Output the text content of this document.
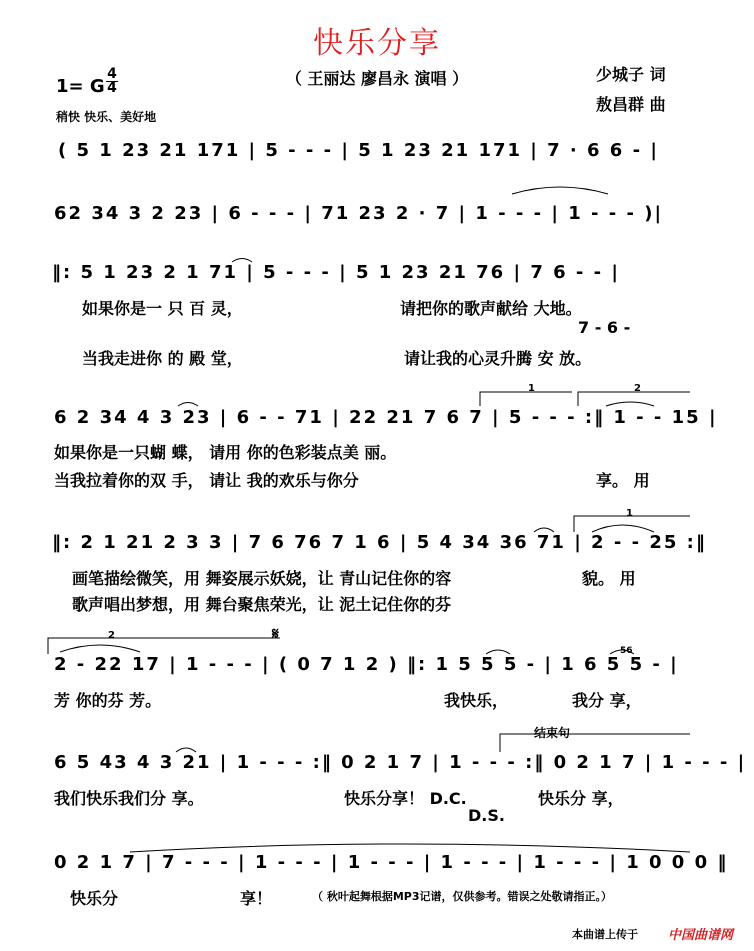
快乐分享
（ 王丽达 廖昌永 演唱 ）	少城子 词
敖昌群 曲
1= G
4
4
稍快 快乐、美好地
( 5 1 23 21 171 | 5 - - - | 5 1 23 21 171 | 7 · 6 6 - |
62 34 3 2 23 | 6 - - - | 71 23 2 · 7 | 1 - - - | 1 - - - )|
‖: 5 1 23 2 1 71 | 5 - - - | 5 1 23 21 76 | 7 6 - - |
如果你是一 只 百 灵，	请把你的歌声献给 大地。
7 - 6 -
当我走进你 的 殿 堂，	请让我的心灵升腾 安 放。
6 2 34 4 3 23 | 6 - - 71 | 22 21 7 6 7 | 5 - - - :‖ 1 - - 15 |
如果你是一只蝴 蝶， 请用 你的色彩装点美 丽。
当我拉着你的双 手， 请让 我的欢乐与你分	享。 用
‖: 2 1 21 2 3 3 | 7 6 76 7 1 6 | 5 4 34 36 71 | 2 - - 25 :‖
画笔描绘微笑，用 舞姿展示妖娆，让 青山记住你的容	貌。 用
歌声唱出梦想，用 舞台聚焦荣光，让 泥土记住你的芬
2 - 22 17 | 1 - - - | ( 0 7 1 2 ) ‖: 1 5 5 5 - | 1 6 5 5 - |
56
芳 你的芬 芳。	我快乐，	我分 享，
6 5 43 4 3 21 | 1 - - - :‖ 0 2 1 7 | 1 - - - :‖ 0 2 1 7 | 1 - - - |
我们快乐我们分 享。	快乐分享！ D.C.	快乐分 享，
D.S.
0 2 1 7 | 7 - - - | 1 - - - | 1 - - - | 1 - - - | 1 - - - | 1 0 0 0 ‖
快乐分	享！	（ 秋叶起舞根据MP3记谱，仅供参考。错误之处敬请指正。）
1	2
1
2
结束句
𝄋
本曲谱上传于 中国曲谱网
